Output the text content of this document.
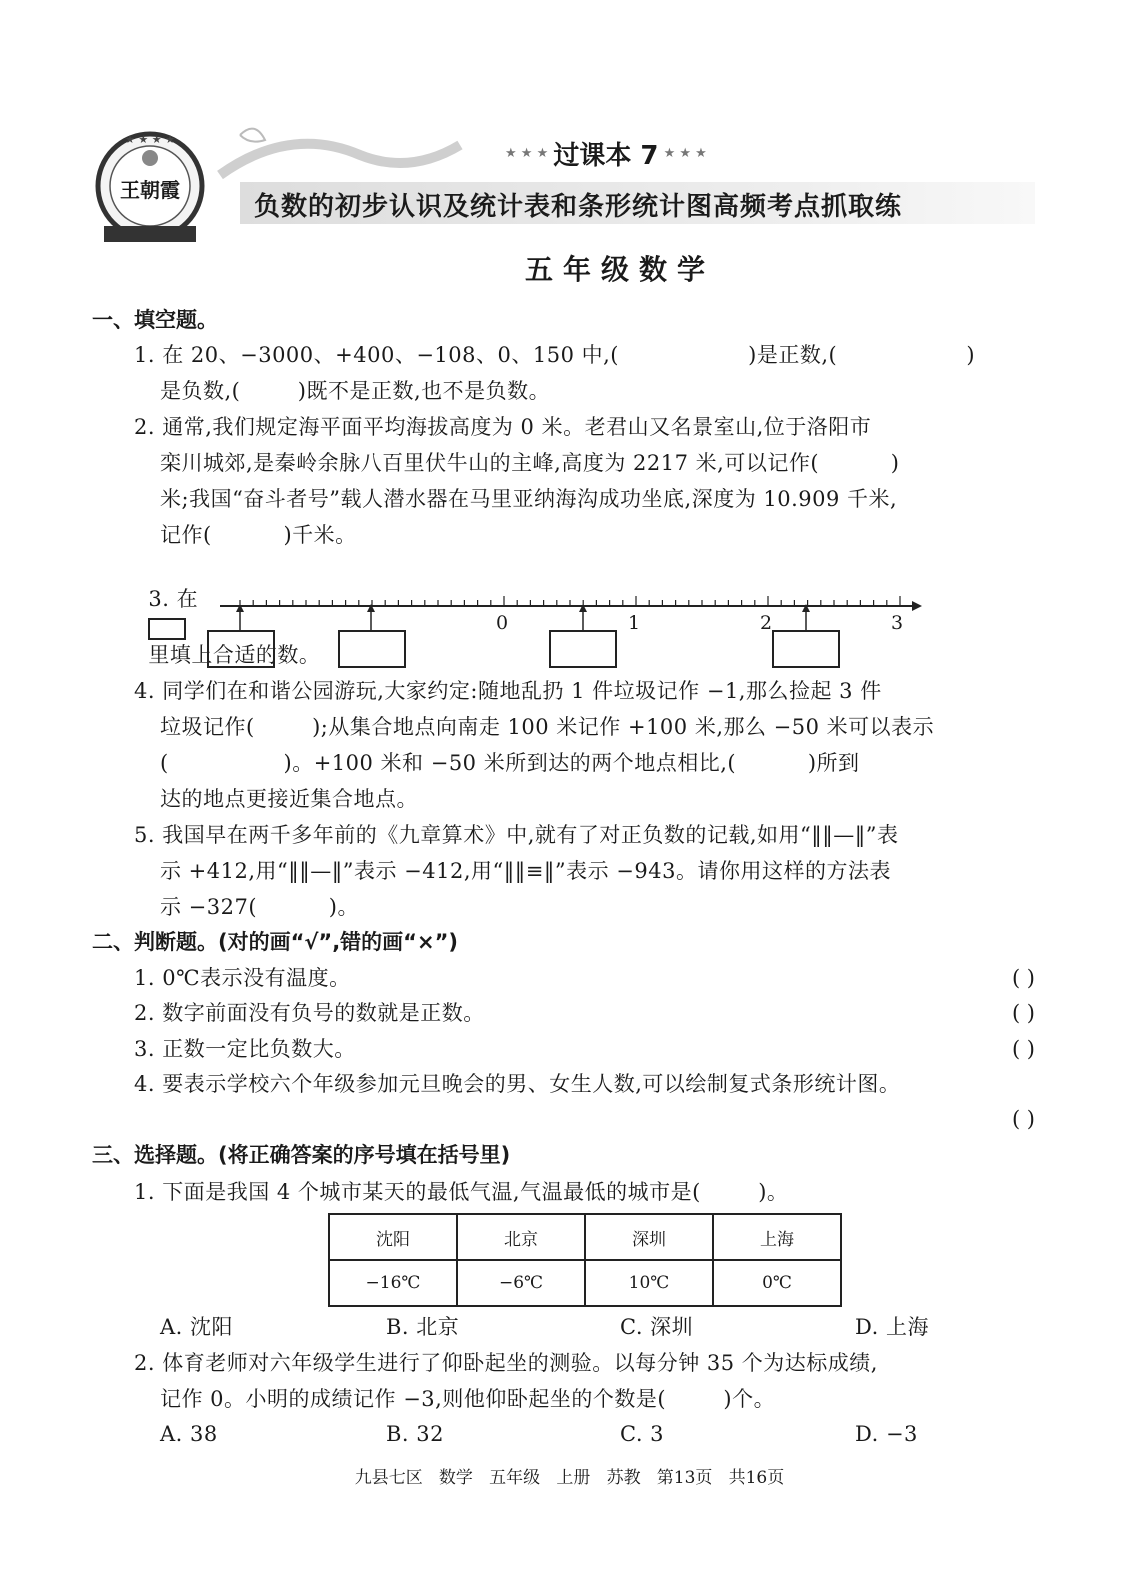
★ ★ ★ ★
王朝霞
★ ★ ★ 过课本 7 ★ ★ ★
负数的初步认识及统计表和条形统计图高频考点抓取练
五年级数学
一、填空题。
1. 在 20、−3000、+400、−108、0、150 中,(                  )是正数,(                  )
是负数,(        )既不是正数,也不是负数。
2. 通常,我们规定海平面平均海拔高度为 0 米。老君山又名景室山,位于洛阳市
栾川城郊,是秦岭余脉八百里伏牛山的主峰,高度为 2217 米,可以记作(          )
米;我国“奋斗者号”载人潜水器在马里亚纳海沟成功坐底,深度为 10.909 千米,
记作(          )千米。

3. 在

里填上合适的数。

0	1	2	3
4. 同学们在和谐公园游玩,大家约定:随地乱扔 1 件垃圾记作 −1,那么捡起 3 件
垃圾记作(        );从集合地点向南走 100 米记作 +100 米,那么 −50 米可以表示
(                )。+100 米和 −50 米所到达的两个地点相比,(          )所到
达的地点更接近集合地点。
5. 我国早在两千多年前的《九章算术》中,就有了对正负数的记载,如用“‖‖—‖”表
示 +412,用“‖‖—‖”表示 −412,用“‖‖≡‖”表示 −943。请你用这样的方法表
示 −327(          )。
二、判断题。(对的画“√”,错的画“×”)
1. 0℃表示没有温度。	( )
2. 数字前面没有负号的数就是正数。	( )
3. 正数一定比负数大。	( )
4. 要表示学校六个年级参加元旦晚会的男、女生人数,可以绘制复式条形统计图。
( )
三、选择题。(将正确答案的序号填在括号里)
1. 下面是我国 4 个城市某天的最低气温,气温最低的城市是(        )。
沈阳	北京	深圳	上海
−16℃	−6℃	10℃	0℃
A. 沈阳	B. 北京	C. 深圳	D. 上海
2. 体育老师对六年级学生进行了仰卧起坐的测验。以每分钟 35 个为达标成绩,
记作 0。小明的成绩记作 −3,则他仰卧起坐的个数是(        )个。
A. 38	B. 32	C. 3	D. −3
九县七区   数学   五年级   上册   苏教   第13页   共16页
